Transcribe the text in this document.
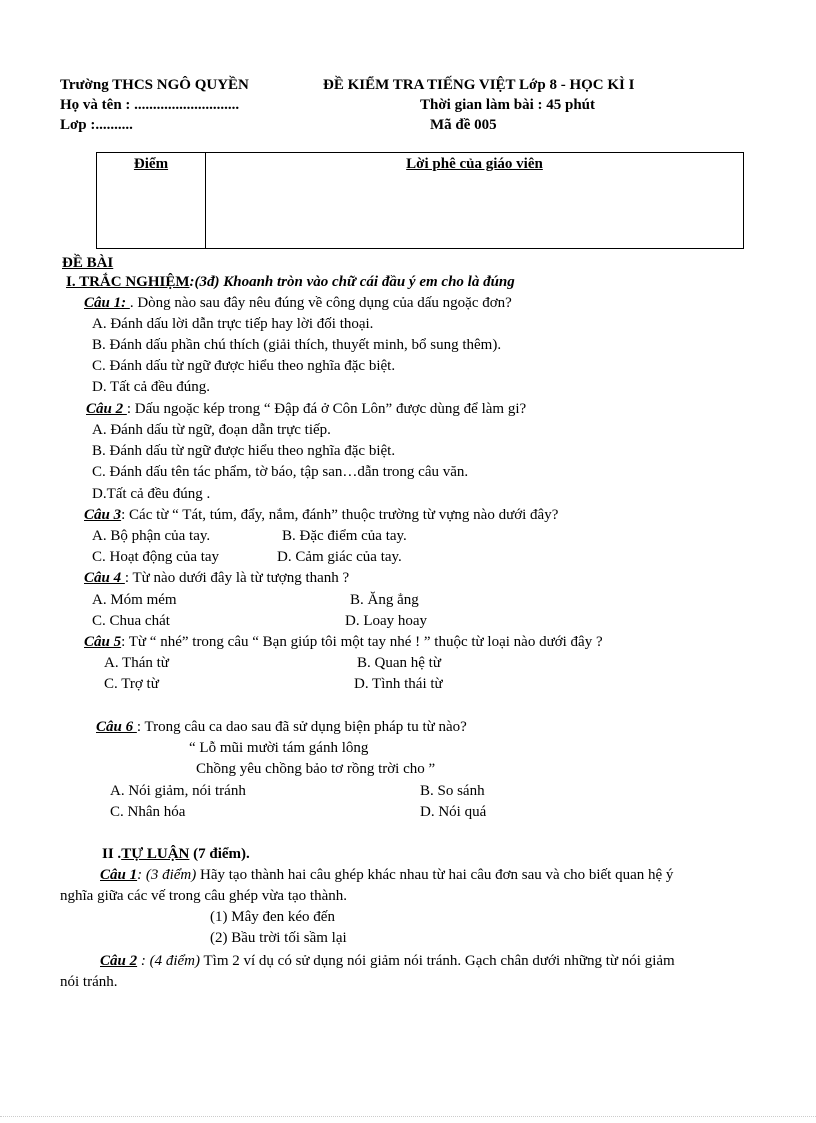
Trường THCS NGÔ QUYỀN	ĐỀ KIỂM TRA TIẾNG VIỆT Lớp 8 - HỌC KÌ I
Họ và tên : ............................	Thời gian làm bài : 45 phút
Lơp :..........	Mã đề 005
Điểm	Lời phê của giáo viên
ĐỀ BÀI
I. TRẮC NGHIỆM:(3đ) Khoanh tròn vào chữ cái đầu ý em cho là đúng
Câu 1: . Dòng nào sau đây nêu đúng về công dụng của dấu ngoặc đơn?
A. Đánh dấu lời dẫn trực tiếp hay lời đối thoại.
B. Đánh dấu phần chú thích (giải thích, thuyết minh, bổ sung thêm).
C. Đánh dấu từ ngữ được hiểu theo nghĩa đặc biệt.
D. Tất cả đều đúng.
Câu 2 : Dấu ngoặc kép trong “ Đập đá ở Côn Lôn” được dùng để làm gi?
A. Đánh dấu từ ngữ, đoạn dẫn trực tiếp.
B. Đánh dấu từ ngữ được hiểu theo nghĩa đặc biệt.
C. Đánh dấu tên tác phẩm, tờ báo, tập san…dẫn trong câu văn.
D.Tất cả đều đúng .
Câu 3: Các từ “ Tát, túm, đẩy, nắm, đánh” thuộc trường từ vựng nào dưới đây?
A. Bộ phận của tay.	B. Đặc điểm của tay.
C. Hoạt động của tay	D. Cảm giác của tay.
Câu 4 : Từ nào dưới đây là từ tượng thanh ?
A. Móm mém	B. Ăng ẳng
C. Chua chát	D. Loay hoay
Câu 5: Từ “ nhé” trong câu “ Bạn giúp tôi một tay nhé ! ” thuộc từ loại nào dưới đây ?
A. Thán từ	B. Quan hệ từ
C. Trợ từ	D. Tình thái từ
Câu 6 : Trong câu ca dao sau đã sử dụng biện pháp tu từ nào?
“ Lỗ mũi mười tám gánh lông
Chồng yêu chồng bảo tơ rồng trời cho ”
A. Nói giảm, nói tránh	B. So sánh
C. Nhân hóa	D. Nói quá
II .TỰ LUẬN (7 điểm).
Câu 1: (3 điểm) Hãy tạo thành hai câu ghép khác nhau từ hai câu đơn sau và cho biết quan hệ ý
nghĩa giữa các vế trong câu ghép vừa tạo thành.
(1) Mây đen kéo đến
(2) Bầu trời tối sầm lại
Câu 2 : (4 điểm) Tìm 2 ví dụ có sử dụng nói giảm nói tránh. Gạch chân dưới những từ nói giảm
nói tránh.
